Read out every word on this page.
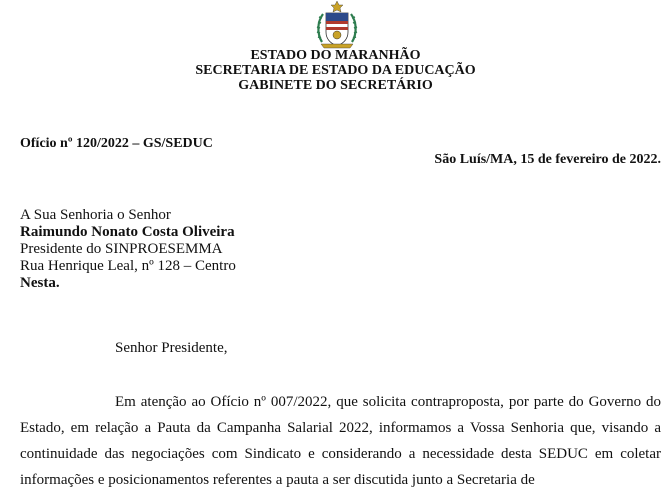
ESTADO DO MARANHÃO
SECRETARIA DE ESTADO DA EDUCAÇÃO
GABINETE DO SECRETÁRIO
Ofício nº 120/2022 – GS/SEDUC
São Luís/MA, 15 de fevereiro de 2022.
A Sua Senhoria o Senhor
Raimundo Nonato Costa Oliveira
Presidente do SINPROESEMMA
Rua Henrique Leal, nº 128 – Centro
Nesta.
Senhor Presidente,
Em atenção ao Ofício nº 007/2022, que solicita contraproposta, por parte do Governo do Estado, em relação a Pauta da Campanha Salarial 2022, informamos a Vossa Senhoria que, visando a continuidade das negociações com Sindicato e considerando a necessidade desta SEDUC em coletar informações e posicionamentos referentes a pauta a ser discutida junto a Secretaria de
